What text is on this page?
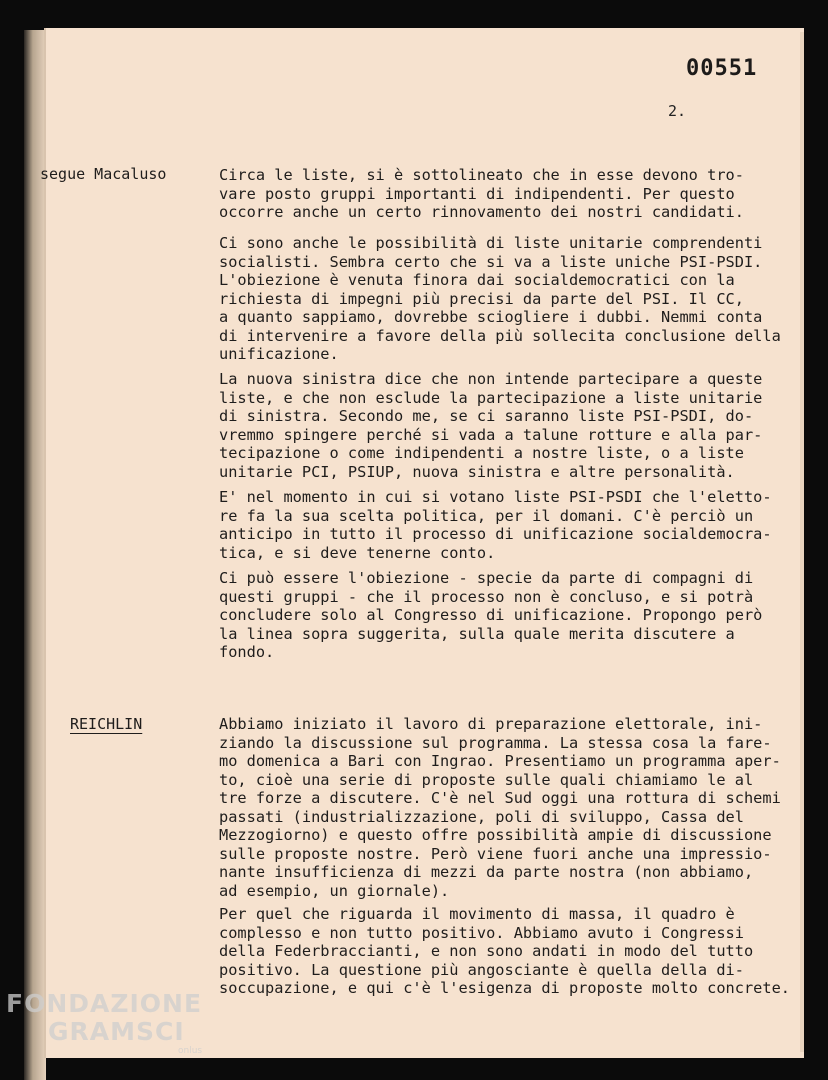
00551
2.
segue Macaluso	Circa le liste, si è sottolineato che in esse devono tro-
vare posto gruppi importanti di indipendenti. Per questo
occorre anche un certo rinnovamento dei nostri candidati.

Ci sono anche le possibilità di liste unitarie comprendenti
socialisti. Sembra certo che si va a liste uniche PSI-PSDI.
L'obiezione è venuta finora dai socialdemocratici con la
richiesta di impegni più precisi da parte del PSI. Il CC,
a quanto sappiamo, dovrebbe sciogliere i dubbi. Nemmi conta
di intervenire a favore della più sollecita conclusione della
unificazione.

La nuova sinistra dice che non intende partecipare a queste
liste, e che non esclude la partecipazione a liste unitarie
di sinistra. Secondo me, se ci saranno liste PSI-PSDI, do-
vremmo spingere perché si vada a talune rotture e alla par-
tecipazione o come indipendenti a nostre liste, o a liste
unitarie PCI, PSIUP, nuova sinistra e altre personalità.

E' nel momento in cui si votano liste PSI-PSDI che l'eletto-
re fa la sua scelta politica, per il domani. C'è perciò un
anticipo in tutto il processo di unificazione socialdemocra-
tica, e si deve tenerne conto.

Ci può essere l'obiezione - specie da parte di compagni di
questi gruppi - che il processo non è concluso, e si potrà
concludere solo al Congresso di unificazione. Propongo però
la linea sopra suggerita, sulla quale merita discutere a
fondo.

REICHLIN	Abbiamo iniziato il lavoro di preparazione elettorale, ini-
ziando la discussione sul programma. La stessa cosa la fare-
mo domenica a Bari con Ingrao. Presentiamo un programma aper-
to, cioè una serie di proposte sulle quali chiamiamo le al
tre forze a discutere. C'è nel Sud oggi una rottura di schemi
passati (industrializzazione, poli di sviluppo, Cassa del
Mezzogiorno) e questo offre possibilità ampie di discussione
sulle proposte nostre. Però viene fuori anche una impressio-
nante insufficienza di mezzi da parte nostra (non abbiamo,
ad esempio, un giornale).

Per quel che riguarda il movimento di massa, il quadro è
complesso e non tutto positivo. Abbiamo avuto i Congressi
della Federbraccianti, e non sono andati in modo del tutto
positivo. La questione più angosciante è quella della di-
soccupazione, e qui c'è l'esigenza di proposte molto concrete.

FONDAZIONE
GRAMSCI
onlus
